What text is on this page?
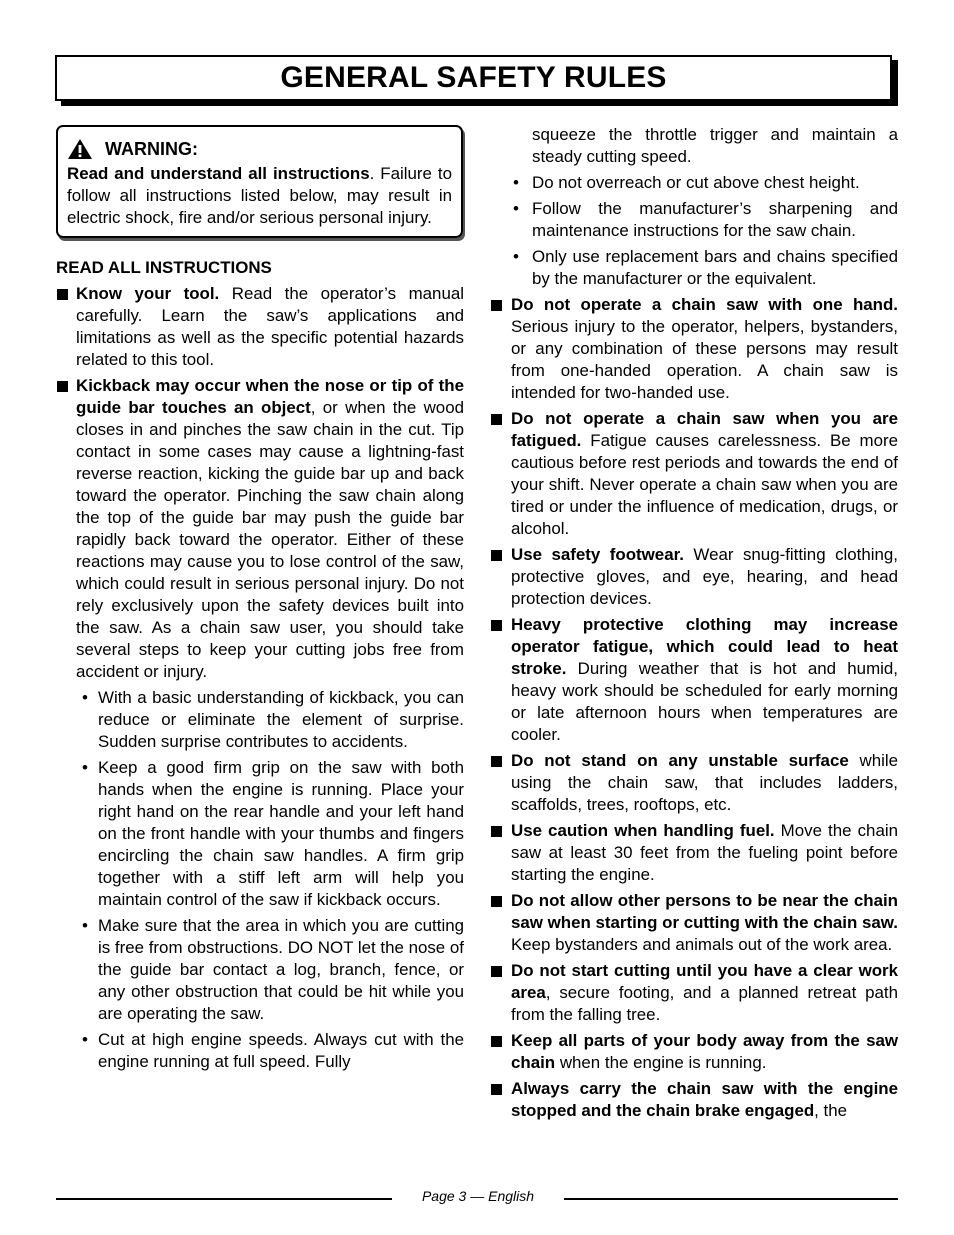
GENERAL SAFETY RULES
WARNING:
Read and understand all instructions. Failure to follow all instructions listed below, may result in electric shock, fire and/or serious personal injury.
READ ALL INSTRUCTIONS
Know your tool. Read the operator’s manual carefully. Learn the saw’s applications and limitations as well as the specific potential hazards related to this tool.
Kickback may occur when the nose or tip of the guide bar touches an object, or when the wood closes in and pinches the saw chain in the cut. Tip contact in some cases may cause a lightning-fast reverse reaction, kicking the guide bar up and back toward the operator. Pinching the saw chain along the top of the guide bar may push the guide bar rapidly back toward the operator. Either of these reactions may cause you to lose control of the saw, which could result in serious personal injury. Do not rely exclusively upon the safety devices built into the saw. As a chain saw user, you should take several steps to keep your cutting jobs free from accident or injury.
• With a basic understanding of kickback, you can reduce or eliminate the element of surprise. Sudden surprise contributes to accidents.
• Keep a good firm grip on the saw with both hands when the engine is running. Place your right hand on the rear handle and your left hand on the front handle with your thumbs and fingers encircling the chain saw handles. A firm grip together with a stiff left arm will help you maintain control of the saw if kickback occurs.
• Make sure that the area in which you are cutting is free from obstructions. DO NOT let the nose of the guide bar contact a log, branch, fence, or any other obstruction that could be hit while you are operating the saw.
• Cut at high engine speeds. Always cut with the engine running at full speed. Fully
squeeze the throttle trigger and maintain a steady cutting speed.
• Do not overreach or cut above chest height.
• Follow the manufacturer’s sharpening and maintenance instructions for the saw chain.
• Only use replacement bars and chains specified by the manufacturer or the equivalent.
Do not operate a chain saw with one hand. Serious injury to the operator, helpers, bystanders, or any combination of these persons may result from one-handed operation. A chain saw is intended for two-handed use.
Do not operate a chain saw when you are fatigued. Fatigue causes carelessness. Be more cautious before rest periods and towards the end of your shift. Never operate a chain saw when you are tired or under the influence of medication, drugs, or alcohol.
Use safety footwear. Wear snug-fitting clothing, protective gloves, and eye, hearing, and head protection devices.
Heavy protective clothing may increase operator fatigue, which could lead to heat stroke. During weather that is hot and humid, heavy work should be scheduled for early morning or late afternoon hours when temperatures are cooler.
Do not stand on any unstable surface while using the chain saw, that includes ladders, scaffolds, trees, rooftops, etc.
Use caution when handling fuel. Move the chain saw at least 30 feet from the fueling point before starting the engine.
Do not allow other persons to be near the chain saw when starting or cutting with the chain saw. Keep bystanders and animals out of the work area.
Do not start cutting until you have a clear work area, secure footing, and a planned retreat path from the falling tree.
Keep all parts of your body away from the saw chain when the engine is running.
Always carry the chain saw with the engine stopped and the chain brake engaged, the
Page 3 — English
